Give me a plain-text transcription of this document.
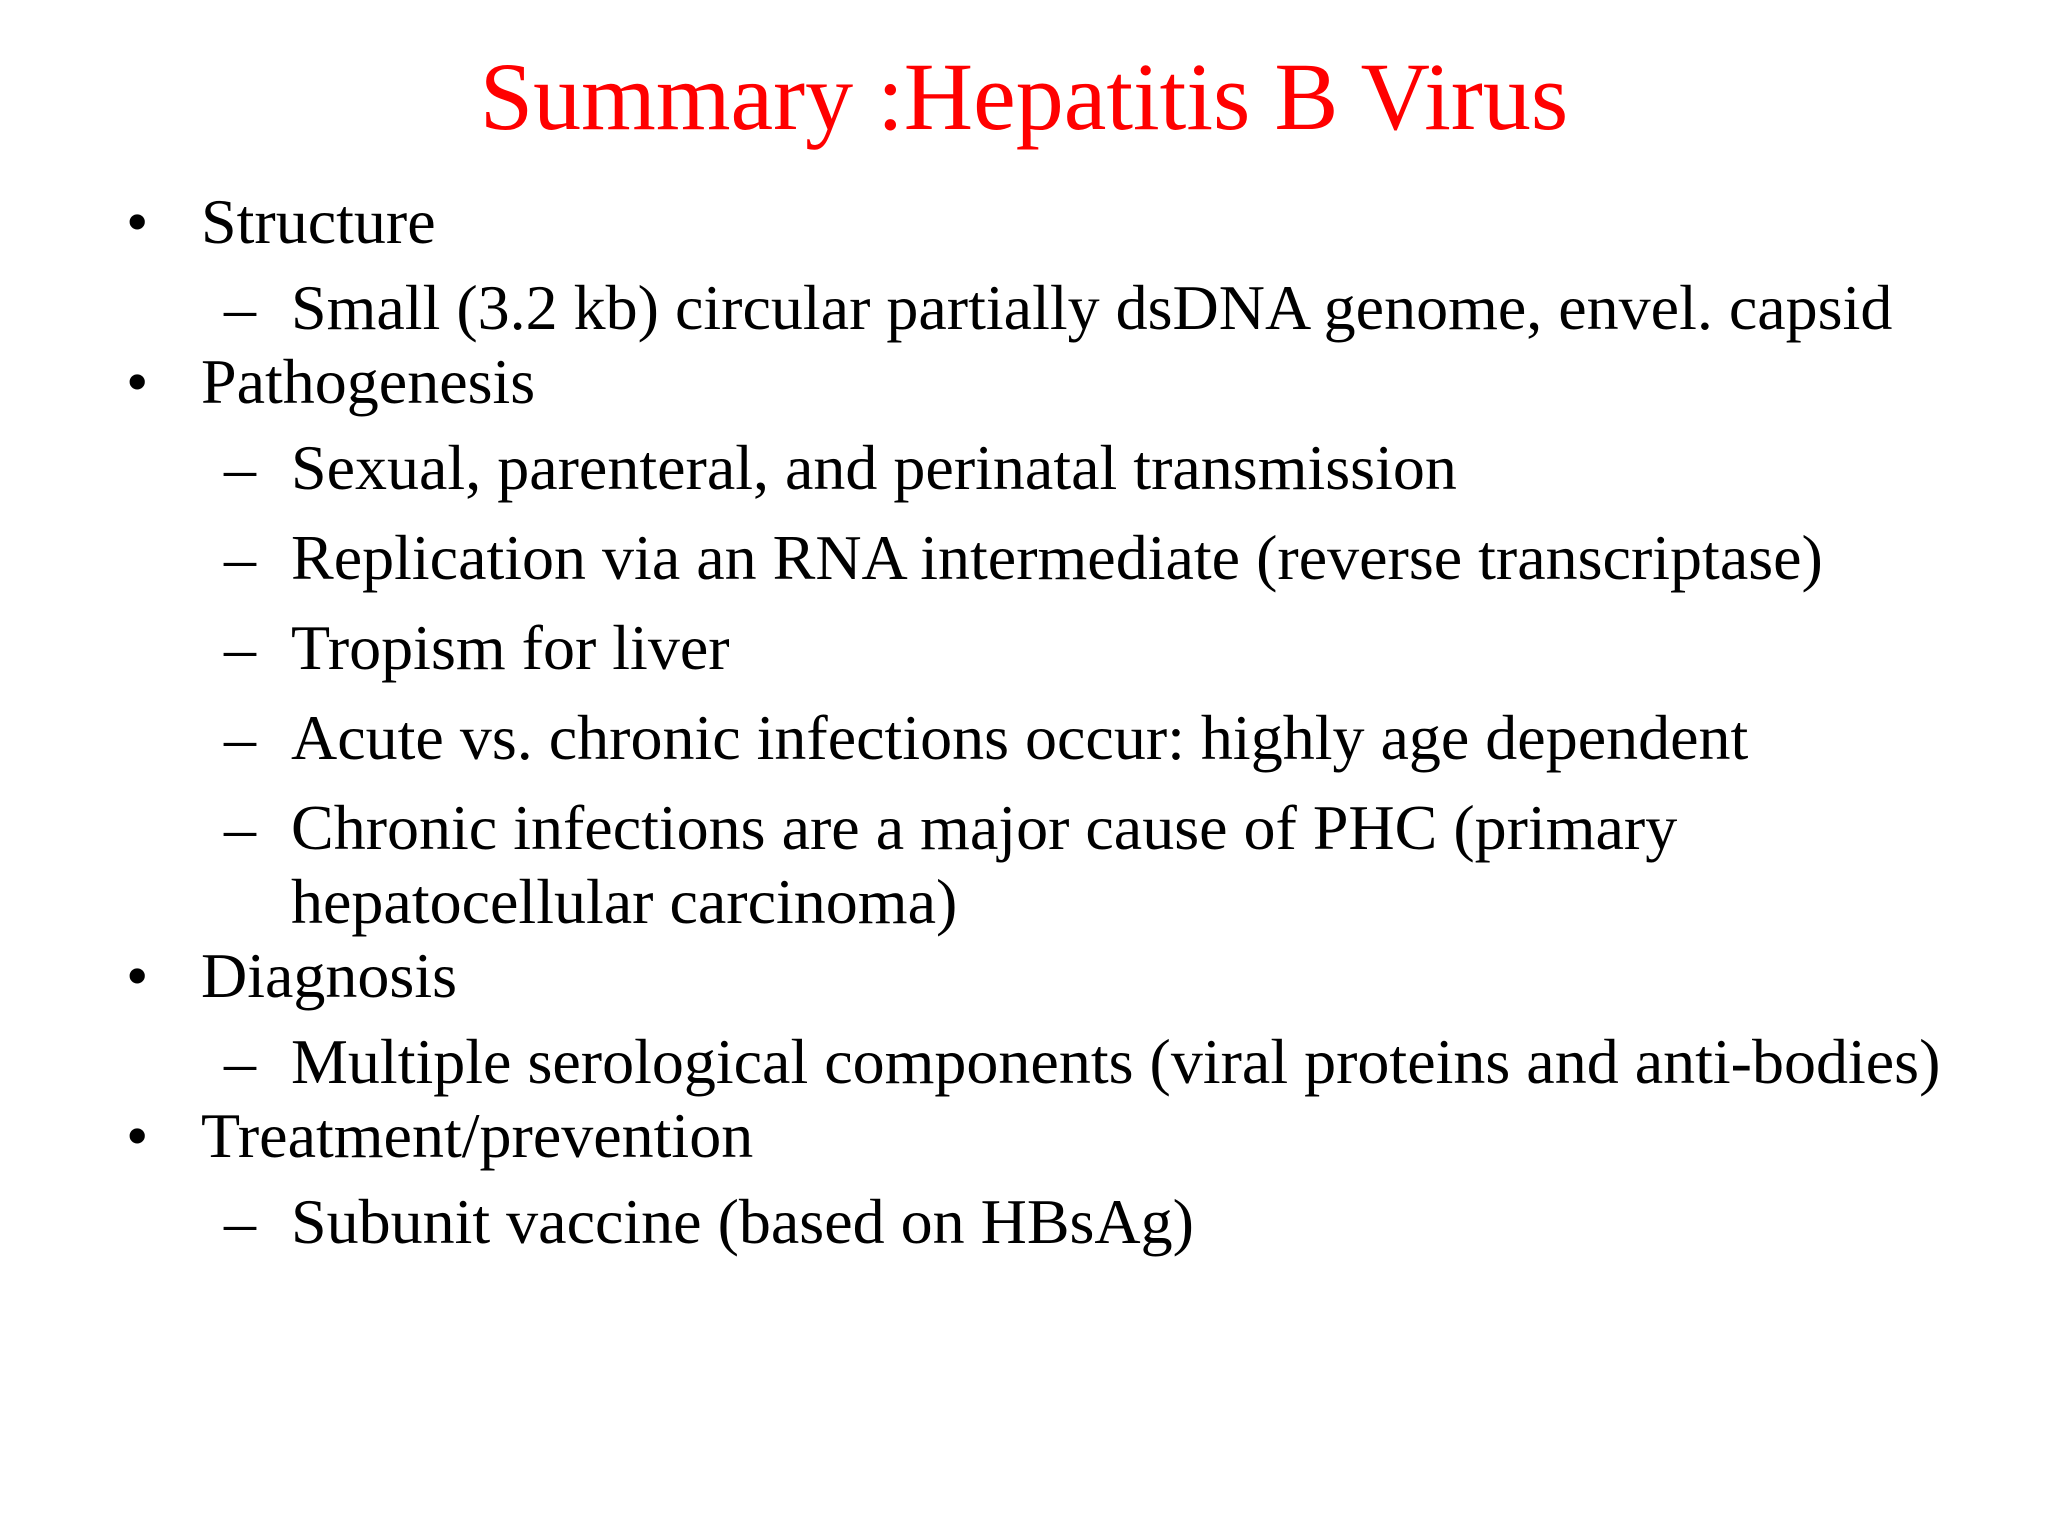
Summary :Hepatitis B Virus
• Structure
– Small (3.2 kb) circular partially dsDNA genome, envel. capsid
• Pathogenesis
– Sexual, parenteral, and perinatal transmission
– Replication via an RNA intermediate (reverse transcriptase)
– Tropism for liver
– Acute vs. chronic infections occur: highly age dependent
– Chronic infections are a major cause of PHC (primary hepatocellular carcinoma)
• Diagnosis
– Multiple serological components (viral proteins and anti-bodies)
• Treatment/prevention
– Subunit vaccine (based on HBsAg)
